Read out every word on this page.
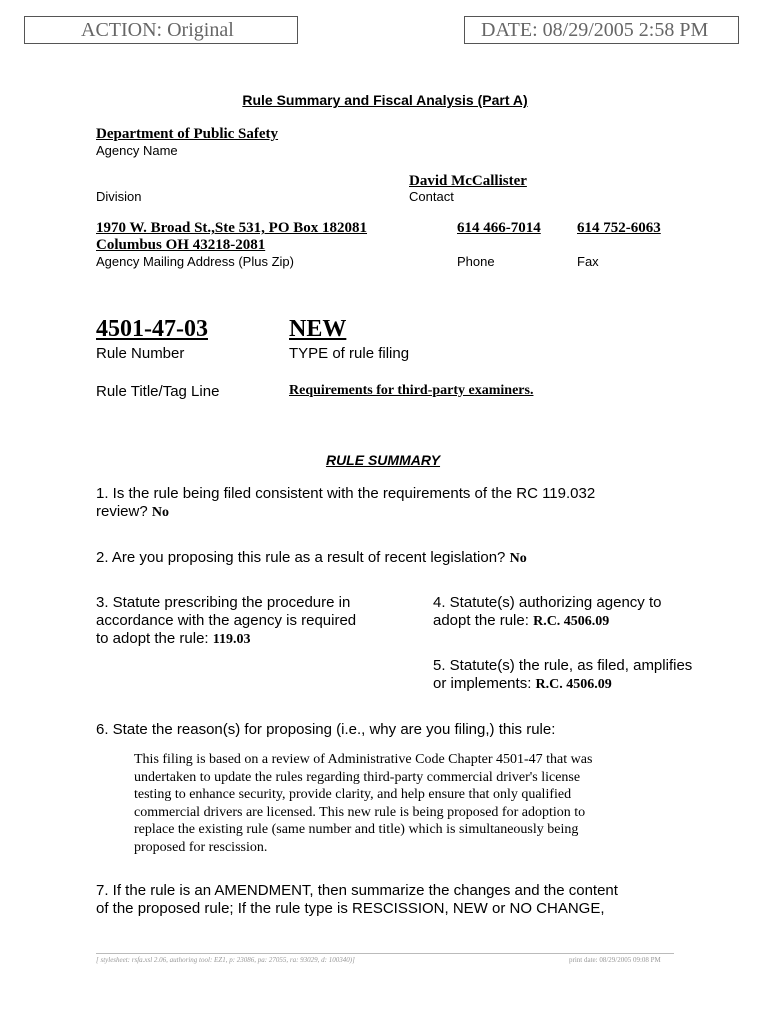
ACTION: Original	DATE: 08/29/2005 2:58 PM
Rule Summary and Fiscal Analysis (Part A)
Department of Public Safety
Agency Name
David McCallister
Division	Contact
1970 W. Broad St.,Ste 531, PO Box 182081
Columbus OH 43218-2081
614 466-7014 614 752-6063
Agency Mailing Address (Plus Zip)	Phone	Fax
4501-47-03	NEW
Rule Number	TYPE of rule filing
Rule Title/Tag Line	Requirements for third-party examiners.
RULE SUMMARY
1. Is the rule being filed consistent with the requirements of the RC 119.032
review? No
2. Are you proposing this rule as a result of recent legislation? No
3. Statute prescribing the procedure in
accordance with the agency is required
to adopt the rule: 119.03
4. Statute(s) authorizing agency to
adopt the rule: R.C. 4506.09
5. Statute(s) the rule, as filed, amplifies
or implements: R.C. 4506.09
6. State the reason(s) for proposing (i.e., why are you filing,) this rule:
This filing is based on a review of Administrative Code Chapter 4501-47 that was
undertaken to update the rules regarding third-party commercial driver's license
testing to enhance security, provide clarity, and help ensure that only qualified
commercial drivers are licensed. This new rule is being proposed for adoption to
replace the existing rule (same number and title) which is simultaneously being
proposed for rescission.
7. If the rule is an AMENDMENT, then summarize the changes and the content
of the proposed rule; If the rule type is RESCISSION, NEW or NO CHANGE,
[ stylesheet: rsfa.xsl 2.06, authoring tool: EZ1, p: 23086, pa: 27055, ra: 93029, d: 100340)]	print date: 08/29/2005 09:08 PM
